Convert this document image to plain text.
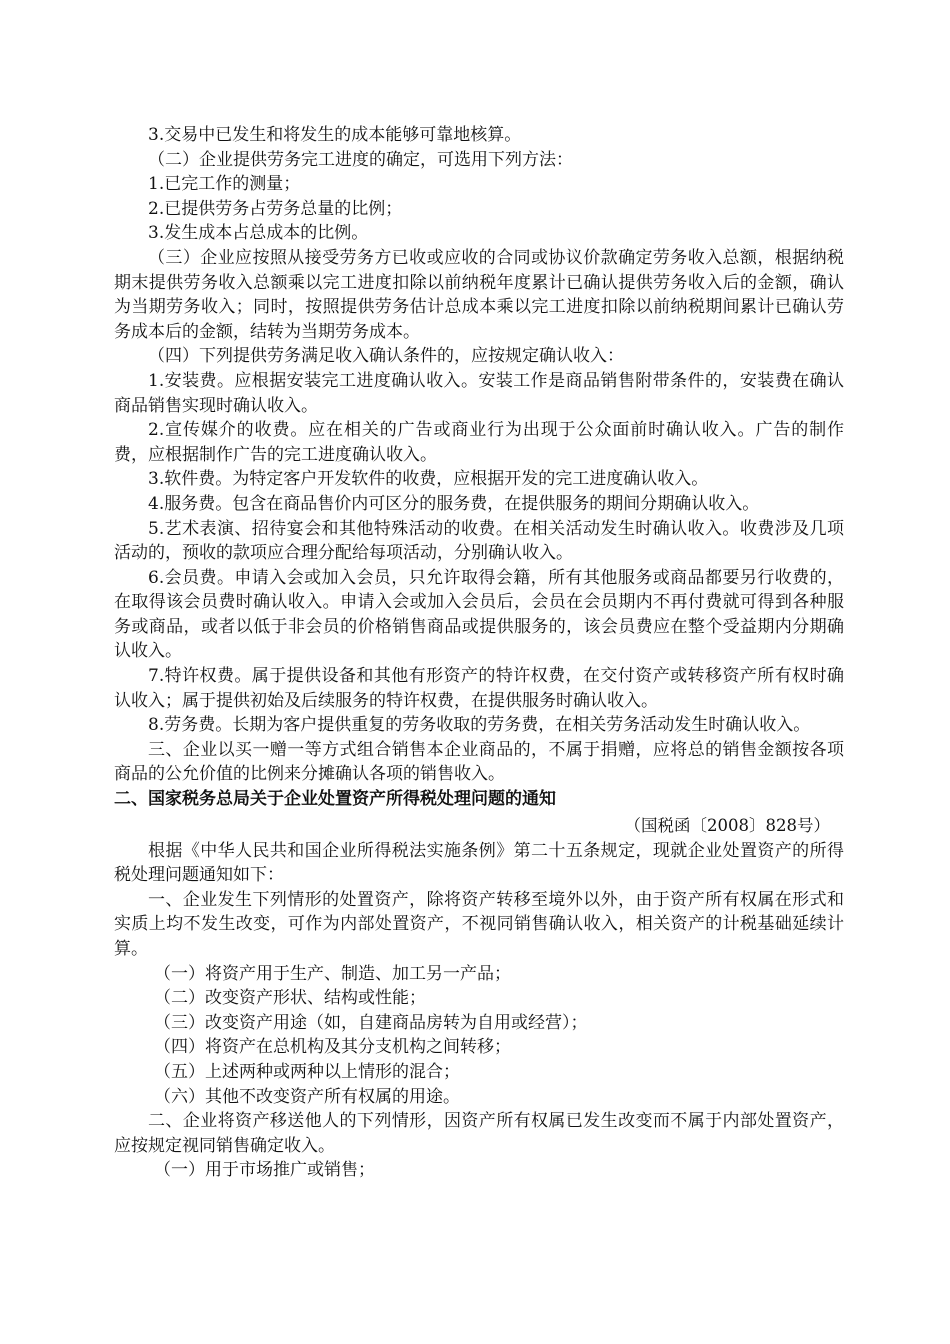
3.交易中已发生和将发生的成本能够可靠地核算。

（二）企业提供劳务完工进度的确定，可选用下列方法：

1.已完工作的测量；

2.已提供劳务占劳务总量的比例；

3.发生成本占总成本的比例。

（三）企业应按照从接受劳务方已收或应收的合同或协议价款确定劳务收入总额，根据纳税期末提供劳务收入总额乘以完工进度扣除以前纳税年度累计已确认提供劳务收入后的金额，确认为当期劳务收入；同时，按照提供劳务估计总成本乘以完工进度扣除以前纳税期间累计已确认劳务成本后的金额，结转为当期劳务成本。

（四）下列提供劳务满足收入确认条件的，应按规定确认收入：

1.安装费。应根据安装完工进度确认收入。安装工作是商品销售附带条件的，安装费在确认商品销售实现时确认收入。

2.宣传媒介的收费。应在相关的广告或商业行为出现于公众面前时确认收入。广告的制作费，应根据制作广告的完工进度确认收入。

3.软件费。为特定客户开发软件的收费，应根据开发的完工进度确认收入。

4.服务费。包含在商品售价内可区分的服务费，在提供服务的期间分期确认收入。

5.艺术表演、招待宴会和其他特殊活动的收费。在相关活动发生时确认收入。收费涉及几项活动的，预收的款项应合理分配给每项活动，分别确认收入。

6.会员费。申请入会或加入会员，只允许取得会籍，所有其他服务或商品都要另行收费的，在取得该会员费时确认收入。申请入会或加入会员后，会员在会员期内不再付费就可得到各种服务或商品，或者以低于非会员的价格销售商品或提供服务的，该会员费应在整个受益期内分期确认收入。

7.特许权费。属于提供设备和其他有形资产的特许权费，在交付资产或转移资产所有权时确认收入；属于提供初始及后续服务的特许权费，在提供服务时确认收入。

8.劳务费。长期为客户提供重复的劳务收取的劳务费，在相关劳务活动发生时确认收入。

三、企业以买一赠一等方式组合销售本企业商品的，不属于捐赠，应将总的销售金额按各项商品的公允价值的比例来分摊确认各项的销售收入。

二、国家税务总局关于企业处置资产所得税处理问题的通知

（国税函〔2008〕828号）

根据《中华人民共和国企业所得税法实施条例》第二十五条规定，现就企业处置资产的所得税处理问题通知如下：

一、企业发生下列情形的处置资产，除将资产转移至境外以外，由于资产所有权属在形式和实质上均不发生改变，可作为内部处置资产，不视同销售确认收入，相关资产的计税基础延续计算。

（一）将资产用于生产、制造、加工另一产品；

（二）改变资产形状、结构或性能；

（三）改变资产用途（如，自建商品房转为自用或经营）；

（四）将资产在总机构及其分支机构之间转移；

（五）上述两种或两种以上情形的混合；

（六）其他不改变资产所有权属的用途。

二、企业将资产移送他人的下列情形，因资产所有权属已发生改变而不属于内部处置资产，应按规定视同销售确定收入。

（一）用于市场推广或销售；
